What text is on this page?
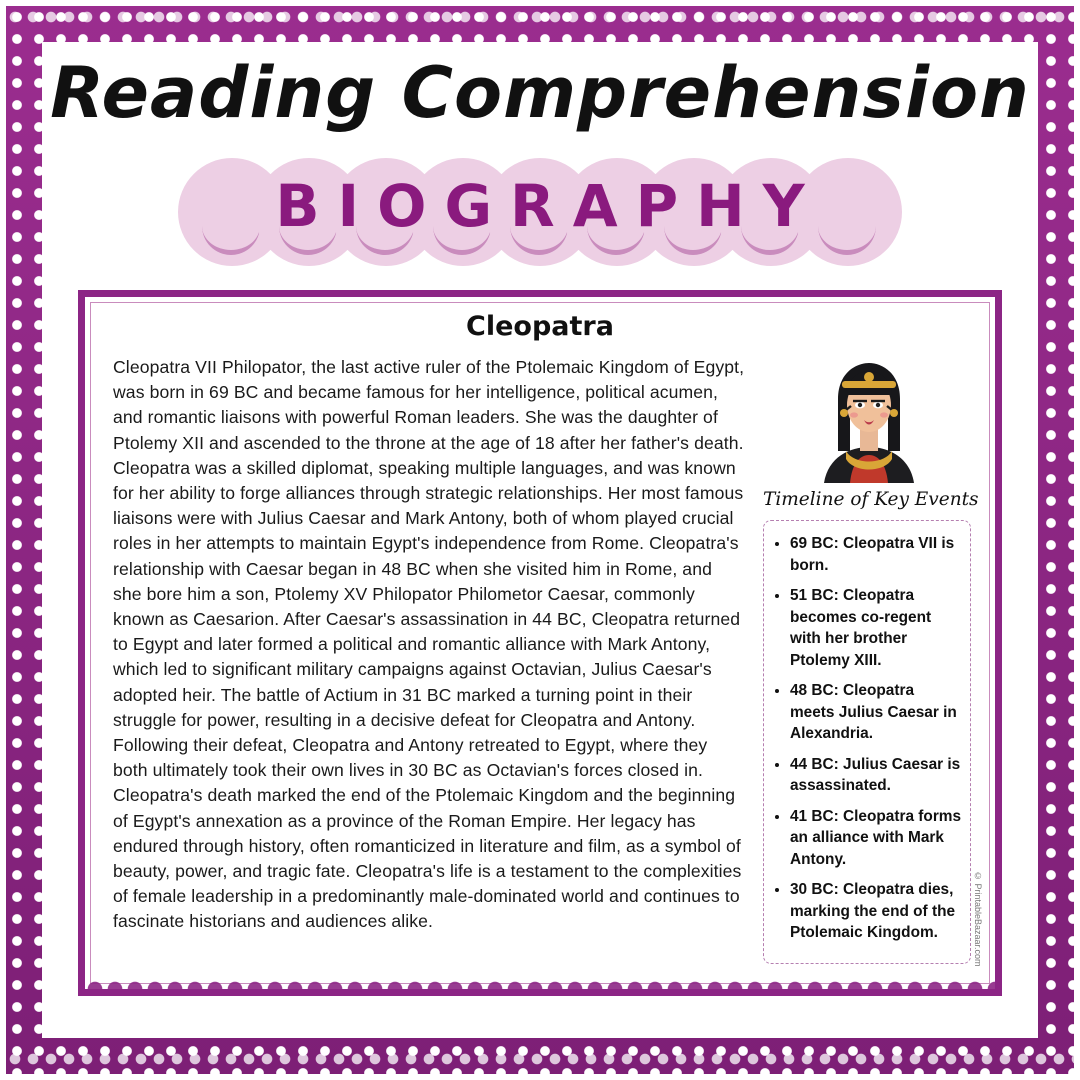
Reading Comprehension
BIOGRAPHY
Cleopatra
Cleopatra VII Philopator, the last active ruler of the Ptolemaic Kingdom of Egypt, was born in 69 BC and became famous for her intelligence, political acumen, and romantic liaisons with powerful Roman leaders. She was the daughter of Ptolemy XII and ascended to the throne at the age of 18 after her father's death. Cleopatra was a skilled diplomat, speaking multiple languages, and was known for her ability to forge alliances through strategic relationships. Her most famous liaisons were with Julius Caesar and Mark Antony, both of whom played crucial roles in her attempts to maintain Egypt's independence from Rome. Cleopatra's relationship with Caesar began in 48 BC when she visited him in Rome, and she bore him a son, Ptolemy XV Philopator Philometor Caesar, commonly known as Caesarion. After Caesar's assassination in 44 BC, Cleopatra returned to Egypt and later formed a political and romantic alliance with Mark Antony, which led to significant military campaigns against Octavian, Julius Caesar's adopted heir. The battle of Actium in 31 BC marked a turning point in their struggle for power, resulting in a decisive defeat for Cleopatra and Antony. Following their defeat, Cleopatra and Antony retreated to Egypt, where they both ultimately took their own lives in 30 BC as Octavian's forces closed in. Cleopatra's death marked the end of the Ptolemaic Kingdom and the beginning of Egypt's annexation as a province of the Roman Empire. Her legacy has endured through history, often romanticized in literature and film, as a symbol of beauty, power, and tragic fate. Cleopatra's life is a testament to the complexities of female leadership in a predominantly male-dominated world and continues to fascinate historians and audiences alike.
Timeline of Key Events
• 69 BC: Cleopatra VII is born.
• 51 BC: Cleopatra becomes co-regent with her brother Ptolemy XIII.
• 48 BC: Cleopatra meets Julius Caesar in Alexandria.
• 44 BC: Julius Caesar is assassinated.
• 41 BC: Cleopatra forms an alliance with Mark Antony.
• 30 BC: Cleopatra dies, marking the end of the Ptolemaic Kingdom.	© PrintableBazaar.com
